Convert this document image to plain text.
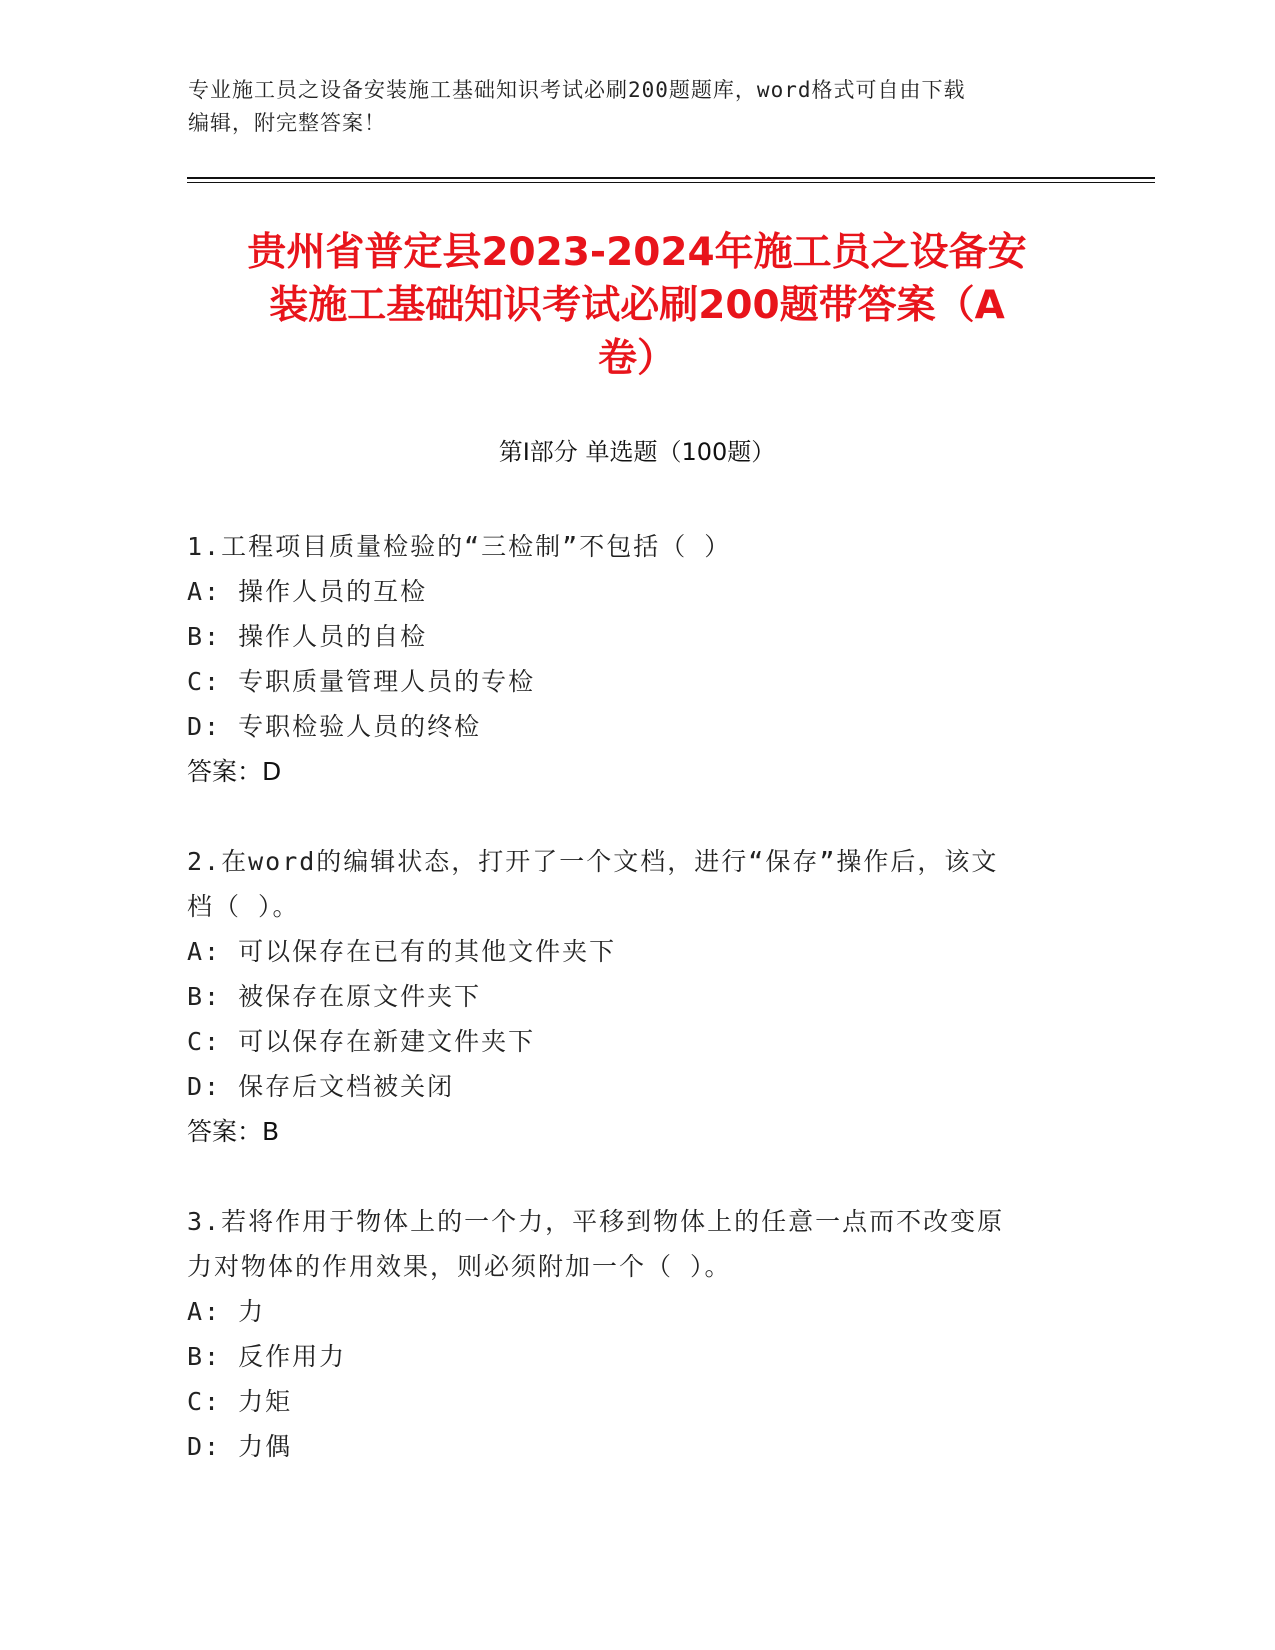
专业施工员之设备安装施工基础知识考试必刷200题题库，word格式可自由下载
编辑，附完整答案！
贵州省普定县2023-2024年施工员之设备安
装施工基础知识考试必刷200题带答案（A
卷）
第Ⅰ部分 单选题（100题）

1.工程项目质量检验的“三检制”不包括（ ）

A: 操作人员的互检

B: 操作人员的自检

C: 专职质量管理人员的专检

D: 专职检验人员的终检

答案：D

2.在word的编辑状态，打开了一个文档，进行“保存”操作后，该文

档（ ）。

A: 可以保存在已有的其他文件夹下

B: 被保存在原文件夹下

C: 可以保存在新建文件夹下

D: 保存后文档被关闭

答案：B

3.若将作用于物体上的一个力，平移到物体上的任意一点而不改变原

力对物体的作用效果，则必须附加一个（ ）。

A: 力

B: 反作用力

C: 力矩

D: 力偶
